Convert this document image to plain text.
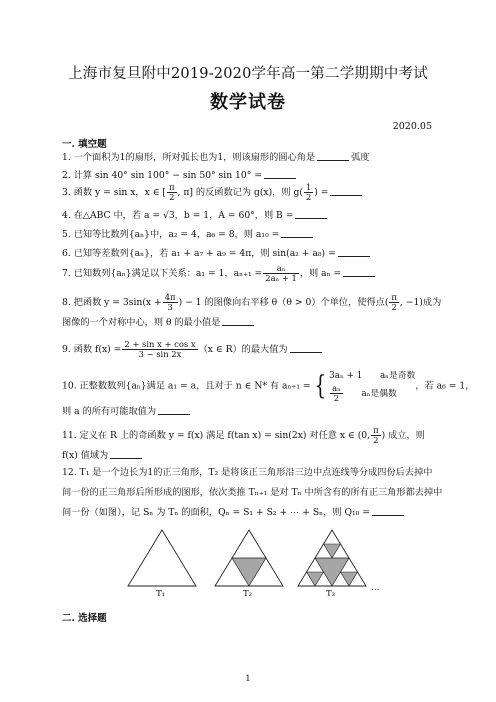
上海市复旦附中2019-2020学年高一第二学期期中考试
数学试卷
2020.05
一. 填空题
1. 一个面积为1的扇形，所对弧长也为1，则该扇形的圆心角是	弧度
2. 计算 sin 40° sin 100° − sin 50° sin 10° =
3. 函数 y = sin x，x ∈ [ $\frac{\pi}{2}$ , π] 的反函数记为 g(x)，则 $g( \frac{1}{2}$ ) =
4. 在△ABC 中，若 a = √3，b = 1，A = 60°，则 B =
5. 已知等比数列{aₙ}中，a₂ = 4，a₆ = 8，则 a₁₀ =
6. 已知等差数列{aₙ}，若 a₁ + a₇ + a₉ = 4π，则 sin(a₂ + a₈) =
7. 已知数列{aₙ}满足以下关系：a₁ = 1，$a_{n+1} = \frac{\text{aₙ}}{\text{2aₙ + 1}}$ ，则 aₙ =
8. 把函数 $y = 3\sin(x + \frac{4\pi}{3}$ ) − 1 的图像向右平移 θ（θ > 0）个单位，使得点( $\frac{\pi}{2}$ , −1)成为
图像的一个对称中心，则 θ 的最小值是
9. 函数 $f(x) = \frac{\text{2 + sin x + cos x}}{3 - \sin 2x} (x$ ∈ R）的最大值为
10. 正整数数列{aₙ}满足 a₁ = a，且对于 n ∈ N* 有 aₙ₊₁ = { 3aₙ + 1　　aₙ是奇数
$\frac{\text{aₙ}}{2}$
　　 aₙ是偶数
，若 a₆ = 1，
则 a 的所有可能取值为
11. 定义在 R 上的奇函数 y = f(x) 满足 f(tan x) = sin(2x) 对任意 x ∈ (0, $\frac{\pi}{2}$ ) 成立，则
f(x) 值域为
12. T₁ 是一个边长为1的正三角形，T₂ 是将该正三角形沿三边中点连线等分成四份后去掉中
间一份的正三角形后所形成的图形，依次类推 Tₙ₊₁ 是对 Tₙ 中所含有的所有正三角形都去掉中
间一份（如图），记 Sₙ 为 Tₙ 的面积，Qₙ = S₁ + S₂ + ⋯ + Sₙ，则 Q₁₀ =
T₁	T₂	T₃
…
二. 选择题
1
